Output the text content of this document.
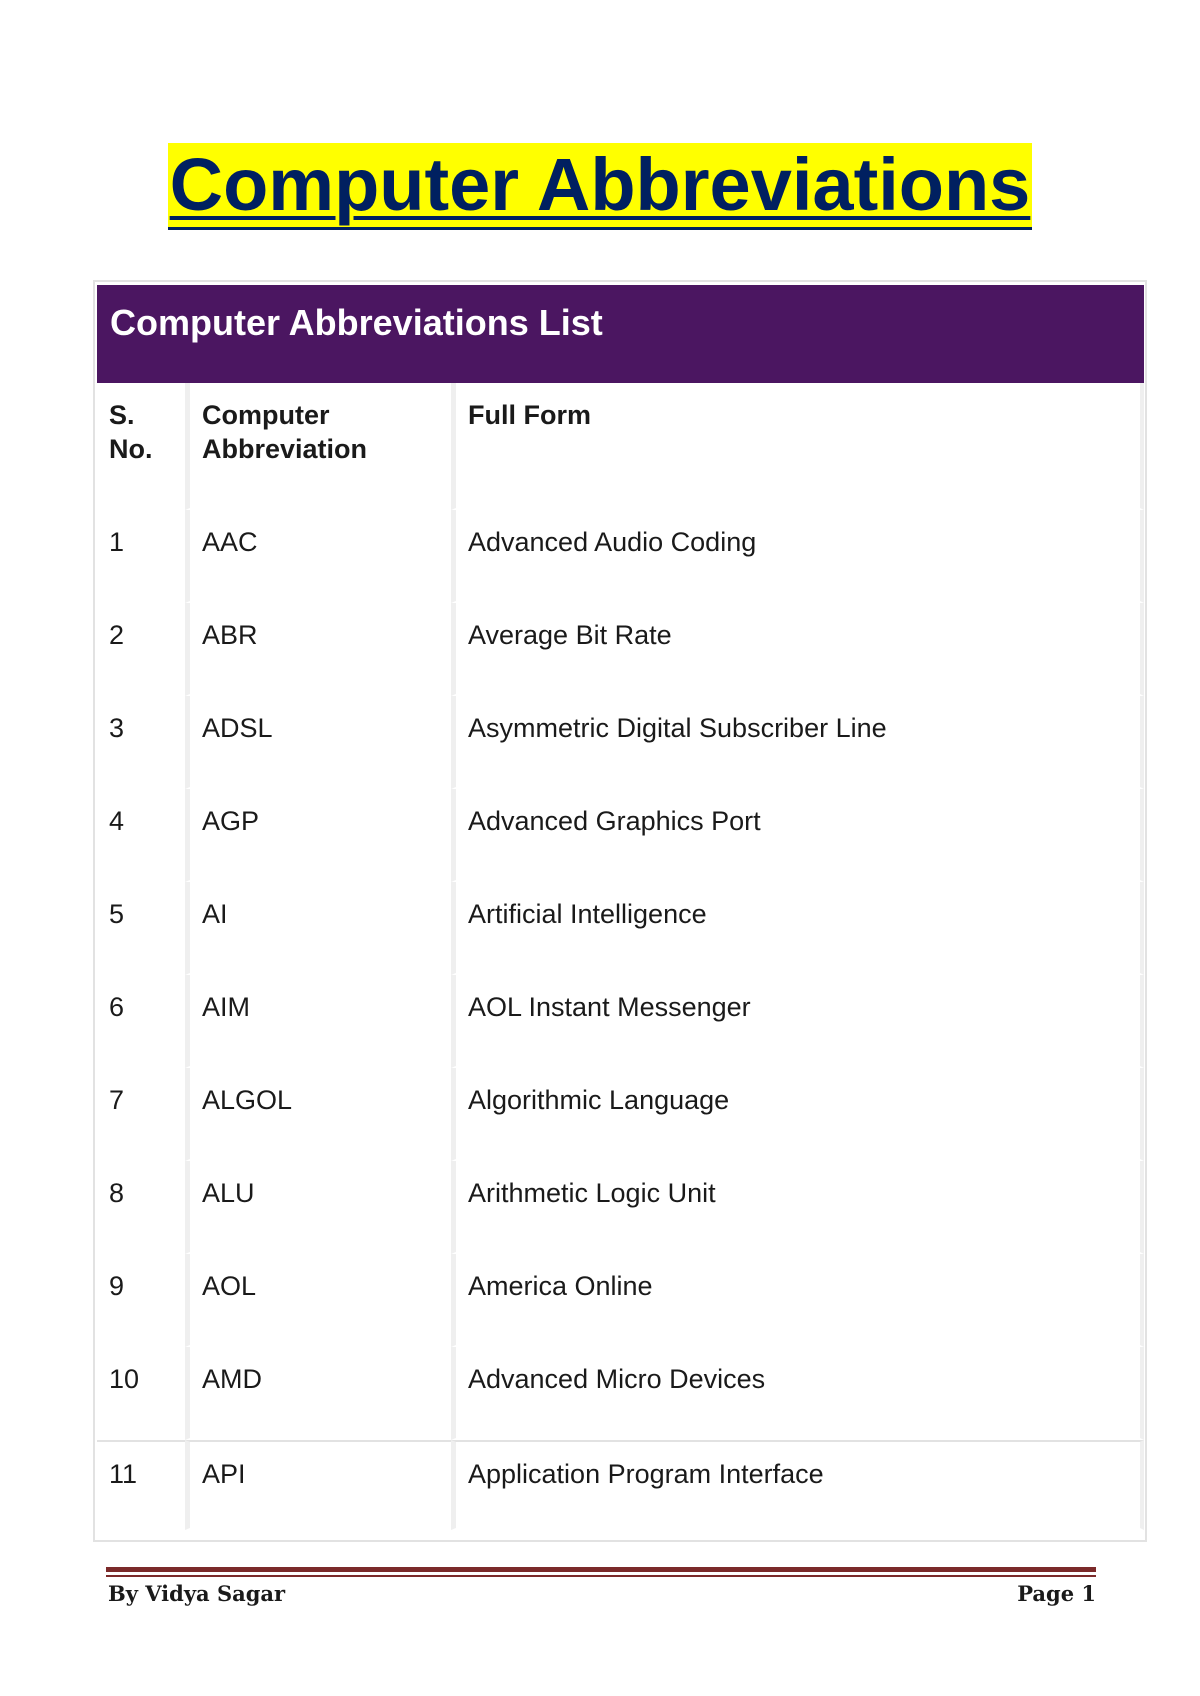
Computer Abbreviations
Computer Abbreviations List
S. No.	Computer Abbreviation	Full Form
1	AAC	Advanced Audio Coding
2	ABR	Average Bit Rate
3	ADSL	Asymmetric Digital Subscriber Line
4	AGP	Advanced Graphics Port
5	AI	Artificial Intelligence
6	AIM	AOL Instant Messenger
7	ALGOL	Algorithmic Language
8	ALU	Arithmetic Logic Unit
9	AOL	America Online
10	AMD	Advanced Micro Devices
11	API	Application Program Interface
By Vidya Sagar	Page 1
